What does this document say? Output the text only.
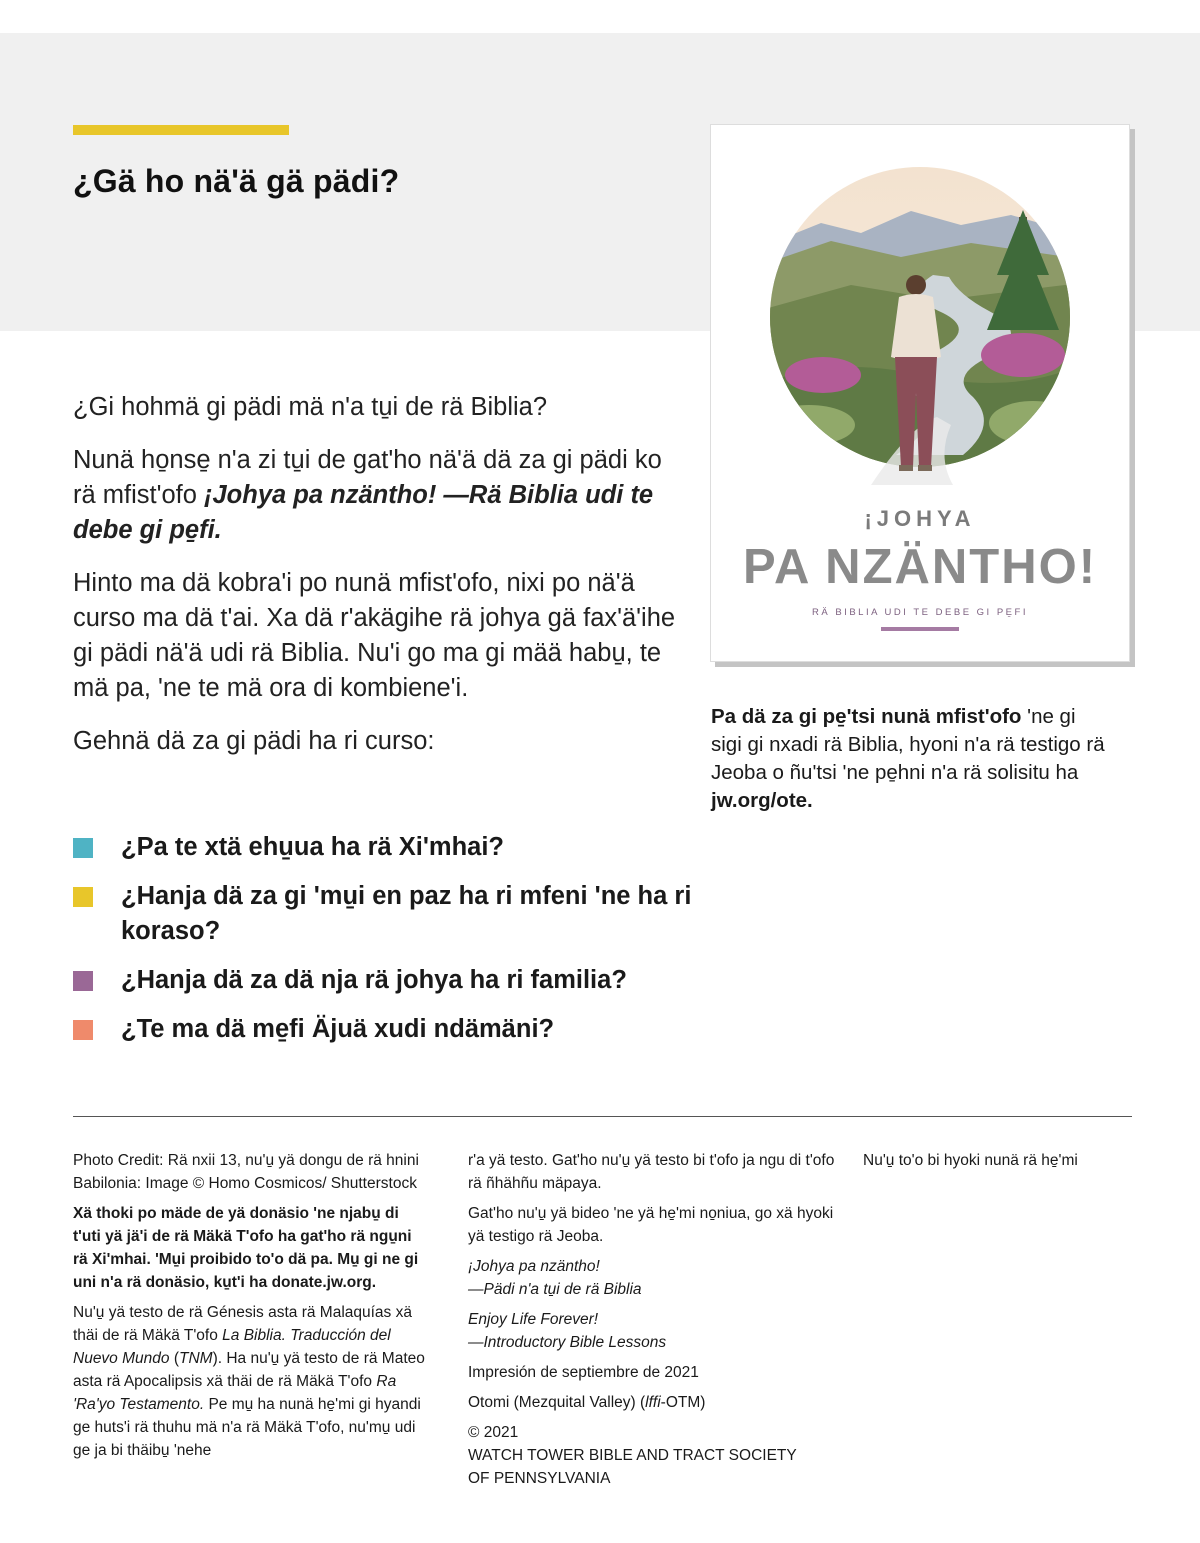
¿Gä ho nä'ä gä pädi?

¿Gi hohmä gi pädi mä n'a tu̱i de rä Biblia?

Nunä ho̱nse̱ n'a zi tu̱i de gat'ho nä'ä dä za gi pädi ko rä mfist'ofo ¡Johya pa nzäntho! —Rä Biblia udi te debe gi pe̱fi.

Hinto ma dä kobra'i po nunä mfist'ofo, nixi po nä'ä curso ma dä t'ai. Xa dä r'akägihe rä johya gä fax'ä'ihe gi pädi nä'ä udi rä Biblia. Nu'i go ma gi mää habu̱, te mä pa, 'ne te mä ora di kombiene'i.

Gehnä dä za gi pädi ha ri curso:

¿Pa te xtä ehu̱ua ha rä Xi'mhai?
¿Hanja dä za gi 'mu̱i en paz ha ri mfeni 'ne ha ri koraso?
¿Hanja dä za dä nja rä johya ha ri familia?
¿Te ma dä me̱fi Äjuä xudi ndämäni?
¡JOHYA
PA NZÄNTHO!
RÄ BIBLIA UDI TE DEBE GI PE̱FI
Pa dä za gi pe̱'tsi nunä mfist'ofo 'ne gi sigi gi nxadi rä Biblia, hyoni n'a rä testigo rä Jeoba o ñu'tsi 'ne pe̱hni n'a rä solisitu ha jw.org/ote.

Photo Credit: Rä nxii 13, nu'u̱ yä dongu de rä hnini Babilonia: Image © Homo Cosmicos/ Shutterstock

Xä thoki po mäde de yä donäsio 'ne njabu̱ di t'uti yä jä'i de rä Mäkä T'ofo ha gat'ho rä ngu̱ni rä Xi'mhai. 'Mu̱i proibido to'o dä pa. Mu̱ gi ne gi uni n'a rä donäsio, ku̱t'i ha donate.jw.org.

Nu'u̱ yä testo de rä Génesis asta rä Malaquías xä thäi de rä Mäkä T'ofo La Biblia. Traducción del Nuevo Mundo (TNM). Ha nu'u̱ yä testo de rä Mateo asta rä Apocalipsis xä thäi de rä Mäkä T'ofo Ra 'Ra'yo Testamento. Pe mu̱ ha nunä he̱'mi gi hyandi ge huts'i rä thuhu mä n'a rä Mäkä T'ofo, nu'mu̱ udi ge ja bi thäibu̱ 'nehe

r'a yä testo. Gat'ho nu'u̱ yä testo bi t'ofo ja ngu di t'ofo rä ñhähñu mäpaya.

Gat'ho nu'u̱ yä bideo 'ne yä he̱'mi no̱niua, go xä hyoki yä testigo rä Jeoba.

¡Johya pa nzäntho!
—Pädi n'a tu̱i de rä Biblia

Enjoy Life Forever!
—Introductory Bible Lessons

Impresión de septiembre de 2021

Otomi (Mezquital Valley) (lffi-OTM)

© 2021
WATCH TOWER BIBLE AND TRACT SOCIETY
OF PENNSYLVANIA

Nu'u̱ to'o bi hyoki nunä rä he̱'mi
